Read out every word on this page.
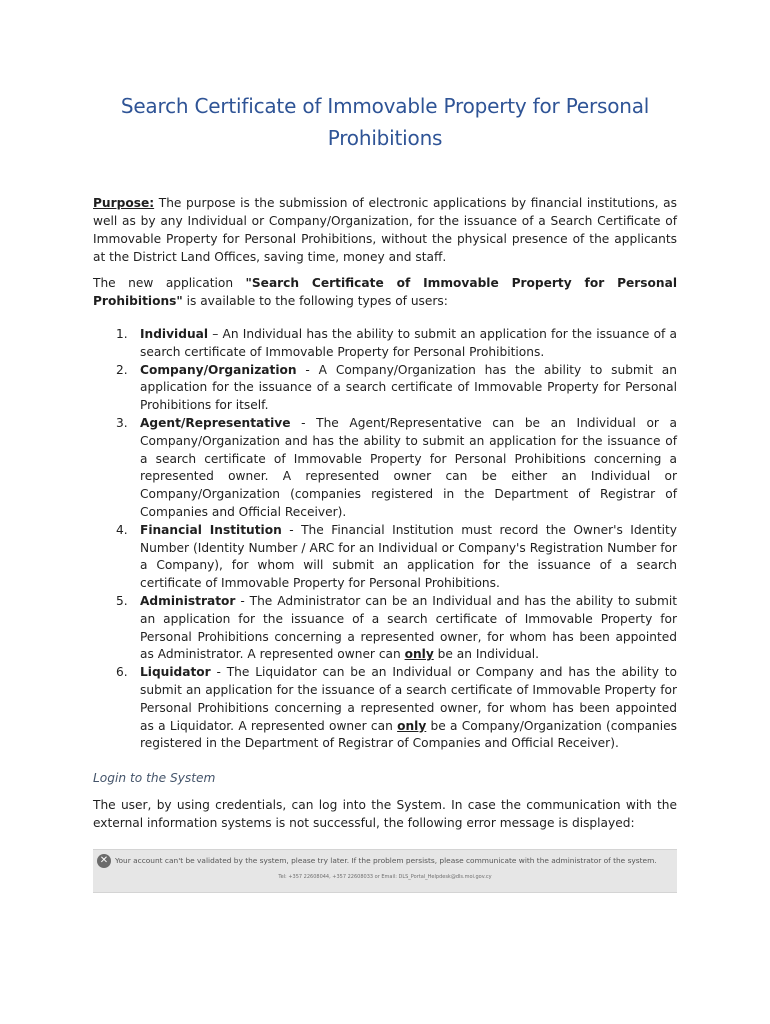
Search Certificate of Immovable Property for Personal Prohibitions

Purpose: The purpose is the submission of electronic applications by financial institutions, as well as by any Individual or Company/Organization, for the issuance of a Search Certificate of Immovable Property for Personal Prohibitions, without the physical presence of the applicants at the District Land Offices, saving time, money and staff.

The new application "Search Certificate of Immovable Property for Personal Prohibitions" is available to the following types of users:

1. Individual – An Individual has the ability to submit an application for the issuance of a search certificate of Immovable Property for Personal Prohibitions.
2. Company/Organization - A Company/Organization has the ability to submit an application for the issuance of a search certificate of Immovable Property for Personal Prohibitions for itself.
3. Agent/Representative - The Agent/Representative can be an Individual or a Company/Organization and has the ability to submit an application for the issuance of a search certificate of Immovable Property for Personal Prohibitions concerning a represented owner. A represented owner can be either an Individual or Company/Organization (companies registered in the Department of Registrar of Companies and Official Receiver).
4. Financial Institution - The Financial Institution must record the Owner's Identity Number (Identity Number / ARC for an Individual or Company's Registration Number for a Company), for whom will submit an application for the issuance of a search certificate of Immovable Property for Personal Prohibitions.
5. Administrator - The Administrator can be an Individual and has the ability to submit an application for the issuance of a search certificate of Immovable Property for Personal Prohibitions concerning a represented owner, for whom has been appointed as Administrator. A represented owner can only be an Individual.
6. Liquidator - The Liquidator can be an Individual or Company and has the ability to submit an application for the issuance of a search certificate of Immovable Property for Personal Prohibitions concerning a represented owner, for whom has been appointed as a Liquidator. A represented owner can only be a Company/Organization (companies registered in the Department of Registrar of Companies and Official Receiver).

Login to the System

The user, by using credentials, can log into the System. In case the communication with the external information systems is not successful, the following error message is displayed:

✕ Your account can't be validated by the system, please try later. If the problem persists, please communicate with the administrator of the system.
Tel: +357 22608044, +357 22608033 or Email: DLS_Portal_Helpdesk@dls.moi.gov.cy
